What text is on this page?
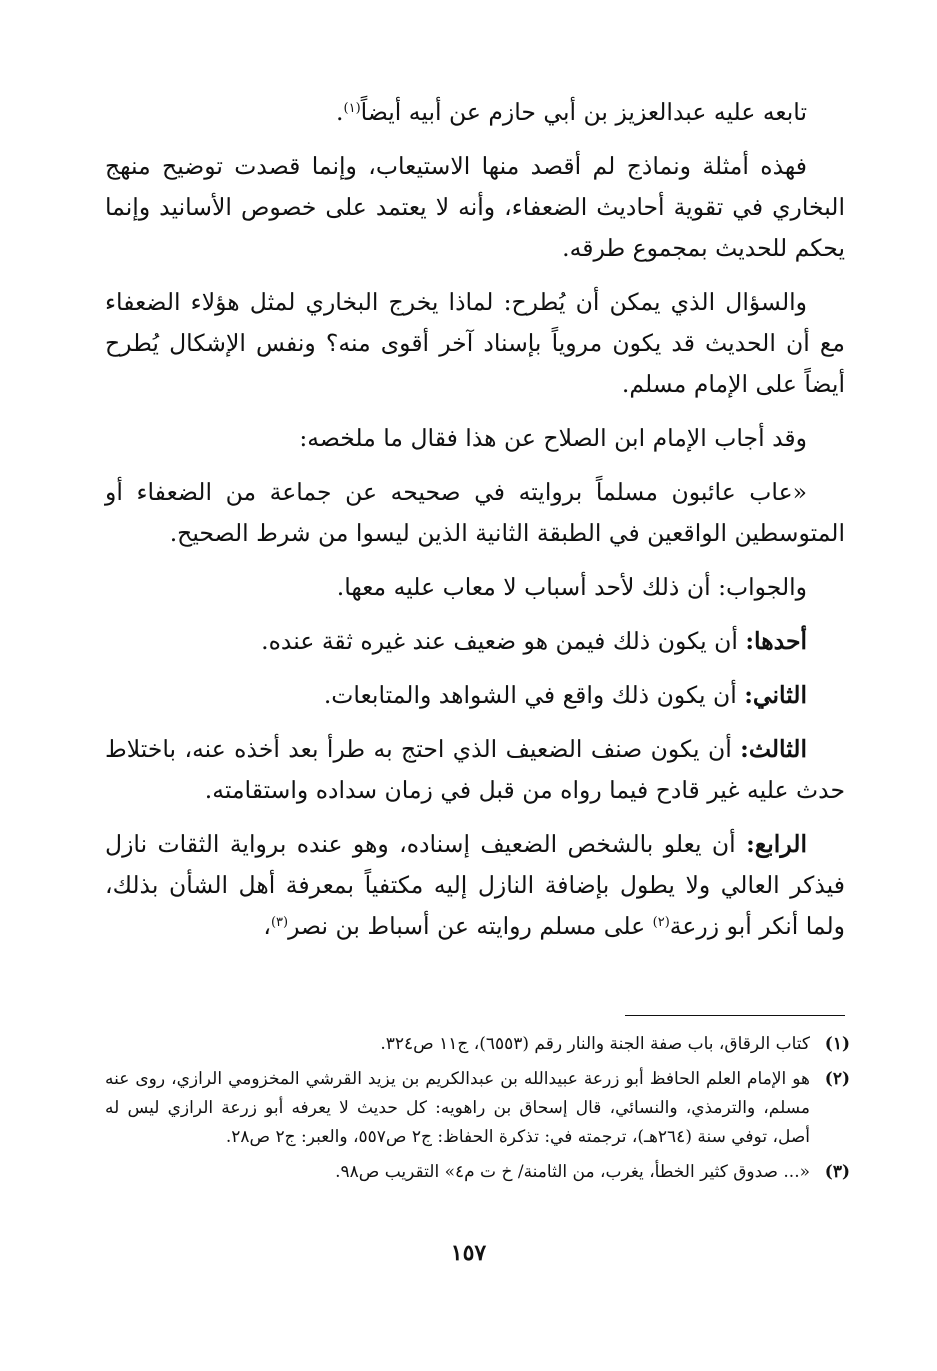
تابعه عليه عبدالعزيز بن أبي حازم عن أبيه أيضاً$^{(١)}$.

فهذه أمثلة ونماذج لم أقصد منها الاستيعاب، وإنما قصدت توضيح منهج البخاري في تقوية أحاديث الضعفاء، وأنه لا يعتمد على خصوص الأسانيد وإنما يحكم للحديث بمجموع طرقه.

والسؤال الذي يمكن أن يُطرح: لماذا يخرج البخاري لمثل هؤلاء الضعفاء مع أن الحديث قد يكون مروياً بإسناد آخر أقوى منه؟ ونفس الإشكال يُطرح أيضاً على الإمام مسلم.

وقد أجاب الإمام ابن الصلاح عن هذا فقال ما ملخصه:

«عاب عائبون مسلماً بروايته في صحيحه عن جماعة من الضعفاء أو المتوسطين الواقعين في الطبقة الثانية الذين ليسوا من شرط الصحيح.

والجواب: أن ذلك لأحد أسباب لا معاب عليه معها.

أحدها: أن يكون ذلك فيمن هو ضعيف عند غيره ثقة عنده.

الثاني: أن يكون ذلك واقع في الشواهد والمتابعات.

الثالث: أن يكون صنف الضعيف الذي احتج به طرأ بعد أخذه عنه، باختلاط حدث عليه غير قادح فيما رواه من قبل في زمان سداده واستقامته.

الرابع: أن يعلو بالشخص الضعيف إسناده، وهو عنده برواية الثقات نازل فيذكر العالي ولا يطول بإضافة النازل إليه مكتفياً بمعرفة أهل الشأن بذلك، ولما أنكر أبو زرعة$^{(٢)}$ على مسلم روايته عن أسباط بن نصر$^{(٣)}$،

(١)
كتاب الرقاق، باب صفة الجنة والنار رقم (٦٥٥٣)، ج١١ ص٣٢٤.
(٢)
هو الإمام العلم الحافظ أبو زرعة عبيدالله بن عبدالكريم بن يزيد القرشي المخزومي الرازي، روى عنه مسلم، والترمذي، والنسائي، قال إسحاق بن راهويه: كل حديث لا يعرفه أبو زرعة الرازي ليس له أصل، توفي سنة (٢٦٤هـ)، ترجمته في: تذكرة الحفاظ: ج٢ ص٥٥٧، والعبر: ج٢ ص٢٨.
(٣)
«... صدوق كثير الخطأ، يغرب، من الثامنة/ خ ت م٤» التقريب ص٩٨.
١٥٧
